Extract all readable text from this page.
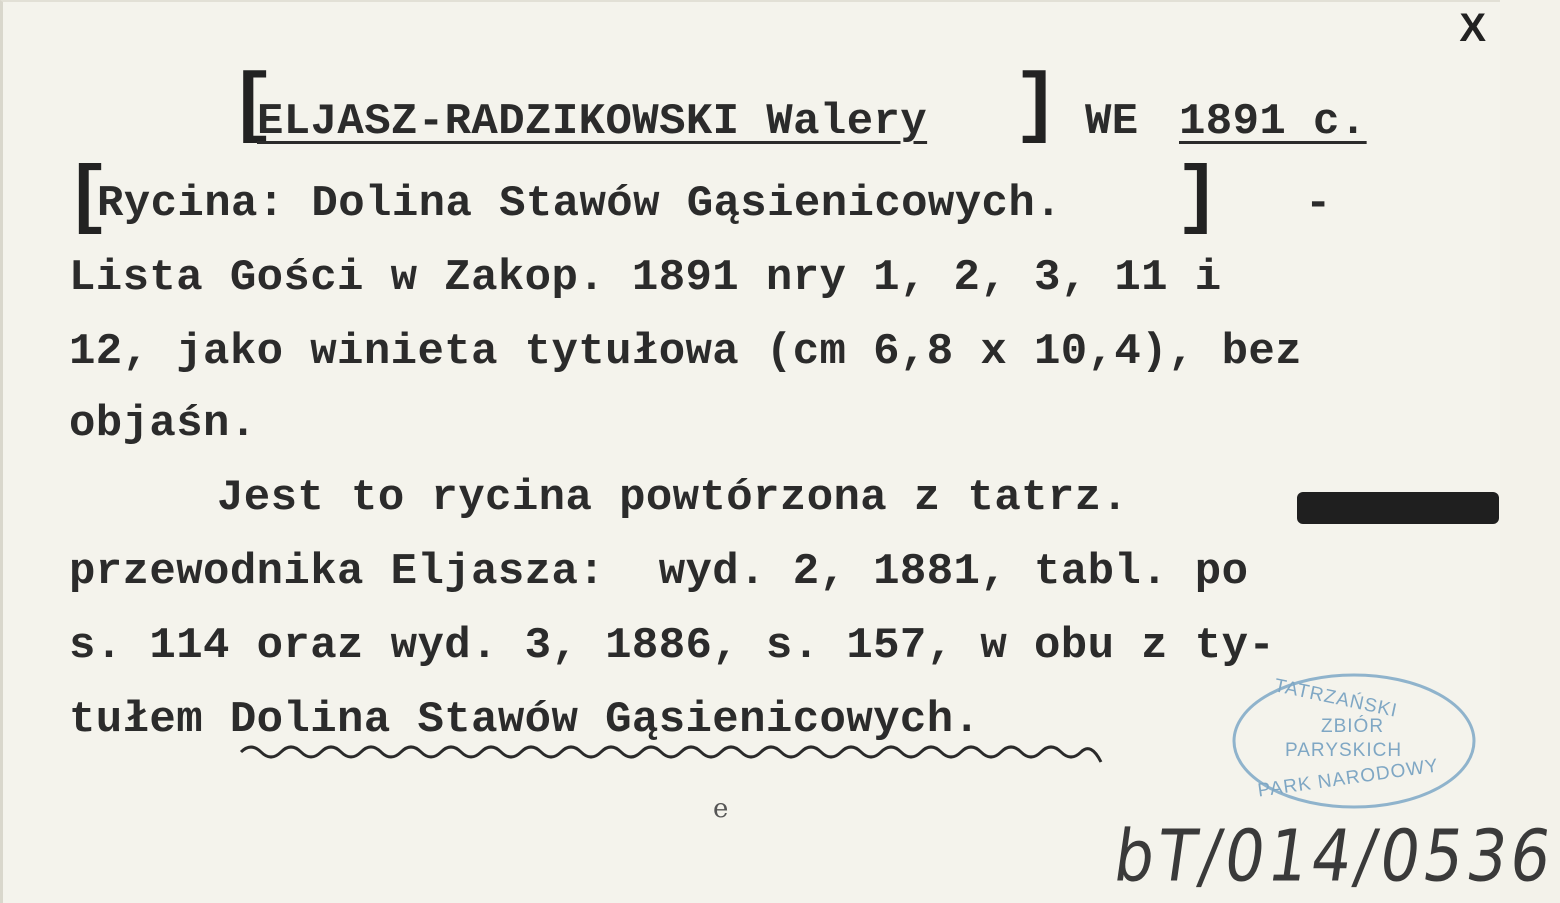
X
[
ELJASZ-RADZIKOWSKI Walery ] WE 1891 c.
[
Rycina: Dolina Stawów Gąsienicowych. ] -
Lista Gości w Zakop. 1891 nry 1, 2, 3, 11 i
12, jako winieta tytułowa (cm 6,8 x 10,4), bez
objaśn.
Jest to rycina powtórzona z tatrz.
przewodnika Eljasza:  wyd. 2, 1881, tabl. po
s. 114 oraz wyd. 3, 1886, s. 157, w obu z ty-
tułem Dolina Stawów Gąsienicowych.	TATRZAŃSKI
ZBIÓR
PARYSKICH
PARK NARODOWY
e
bT/014/0536
